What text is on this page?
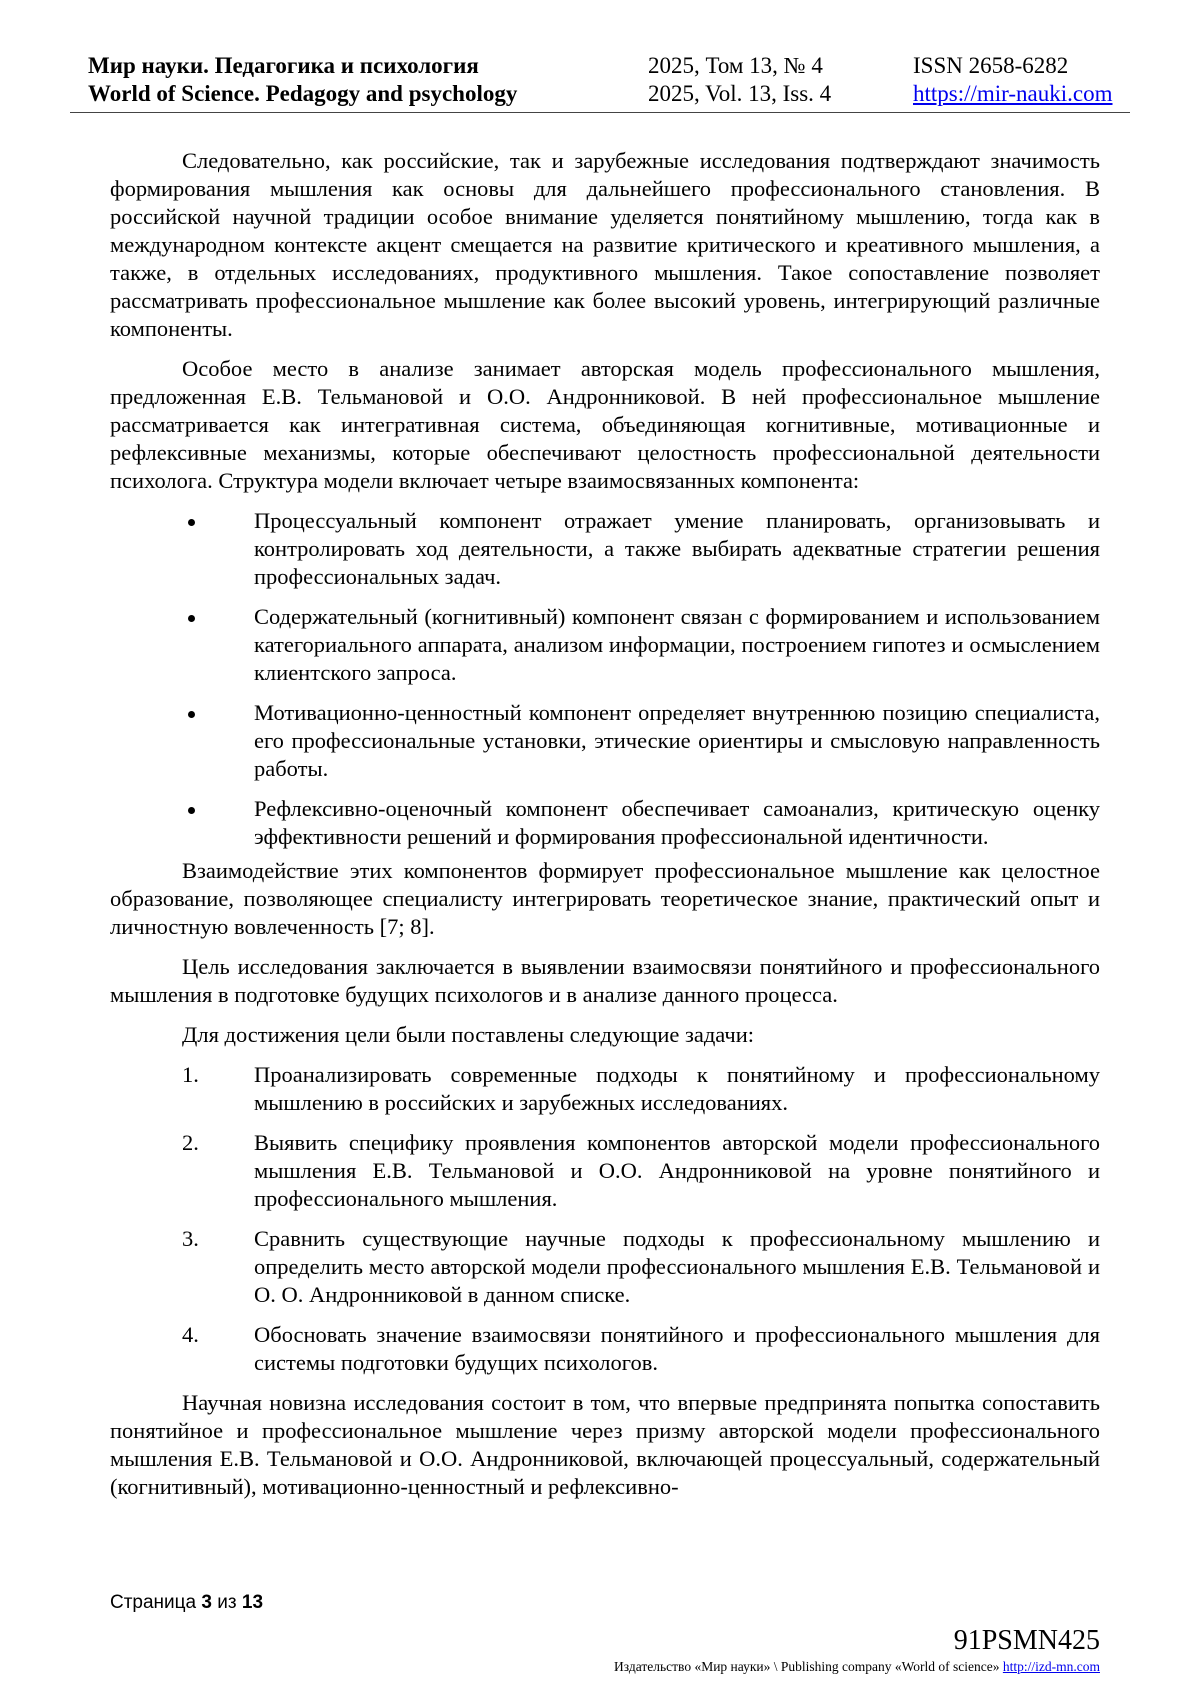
Мир науки. Педагогика и психология
World of Science. Pedagogy and psychology
2025, Том 13, № 4
2025, Vol. 13, Iss. 4
ISSN 2658-6282
https://mir-nauki.com

Следовательно, как российские, так и зарубежные исследования подтверждают значимость формирования мышления как основы для дальнейшего профессионального становления. В российской научной традиции особое внимание уделяется понятийному мышлению, тогда как в международном контексте акцент смещается на развитие критического и креативного мышления, а также, в отдельных исследованиях, продуктивного мышления. Такое сопоставление позволяет рассматривать профессиональное мышление как более высокий уровень, интегрирующий различные компоненты.

Особое место в анализе занимает авторская модель профессионального мышления, предложенная Е.В. Тельмановой и О.О. Андронниковой. В ней профессиональное мышление рассматривается как интегративная система, объединяющая когнитивные, мотивационные и рефлексивные механизмы, которые обеспечивают целостность профессиональной деятельности психолога. Структура модели включает четыре взаимосвязанных компонента:

Процессуальный компонент отражает умение планировать, организовывать и контролировать ход деятельности, а также выбирать адекватные стратегии решения профессиональных задач.
Содержательный (когнитивный) компонент связан с формированием и использованием категориального аппарата, анализом информации, построением гипотез и осмыслением клиентского запроса.
Мотивационно-ценностный компонент определяет внутреннюю позицию специалиста, его профессиональные установки, этические ориентиры и смысловую направленность работы.
Рефлексивно-оценочный компонент обеспечивает самоанализ, критическую оценку эффективности решений и формирования профессиональной идентичности.

Взаимодействие этих компонентов формирует профессиональное мышление как целостное образование, позволяющее специалисту интегрировать теоретическое знание, практический опыт и личностную вовлеченность [7; 8].

Цель исследования заключается в выявлении взаимосвязи понятийного и профессионального мышления в подготовке будущих психологов и в анализе данного процесса.

Для достижения цели были поставлены следующие задачи:

1. Проанализировать современные подходы к понятийному и профессиональному мышлению в российских и зарубежных исследованиях.
2. Выявить специфику проявления компонентов авторской модели профессионального мышления Е.В. Тельмановой и О.О. Андронниковой на уровне понятийного и профессионального мышления.
3. Сравнить существующие научные подходы к профессиональному мышлению и определить место авторской модели профессионального мышления Е.В. Тельмановой и О. О. Андронниковой в данном списке.
4. Обосновать значение взаимосвязи понятийного и профессионального мышления для системы подготовки будущих психологов.

Научная новизна исследования состоит в том, что впервые предпринята попытка сопоставить понятийное и профессиональное мышление через призму авторской модели профессионального мышления Е.В. Тельмановой и О.О. Андронниковой, включающей процессуальный, содержательный (когнитивный), мотивационно-ценностный и рефлексивно-

Страница 3 из 13
91PSMN425
Издательство «Мир науки» \ Publishing company «World of science» http://izd-mn.com
